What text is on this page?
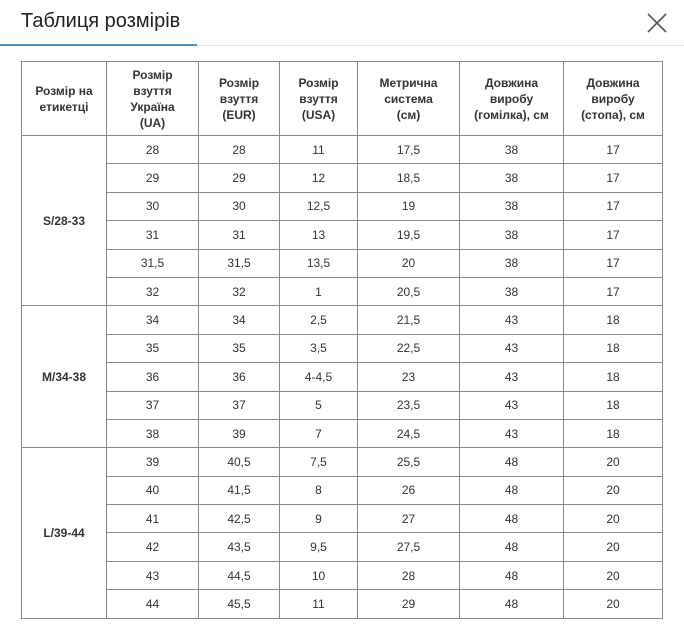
Таблиця розмірів
Розмір на
етикетці	Розмір
взуття
Україна
(UA)	Розмір
взуття
(EUR)	Розмір
взуття
(USA)	Метрична
система
(см)	Довжина
виробу
(гомілка), см	Довжина
виробу
(стопа), см
S/28-33	28	28	11	17,5	38	17
	29	29	12	18,5	38	17
	30	30	12,5	19	38	17
	31	31	13	19,5	38	17
	31,5	31,5	13,5	20	38	17
	32	32	1	20,5	38	17
M/34-38	34	34	2,5	21,5	43	18
	35	35	3,5	22,5	43	18
	36	36	4-4,5	23	43	18
	37	37	5	23,5	43	18
	38	39	7	24,5	43	18
L/39-44	39	40,5	7,5	25,5	48	20
	40	41,5	8	26	48	20
	41	42,5	9	27	48	20
	42	43,5	9,5	27,5	48	20
	43	44,5	10	28	48	20
	44	45,5	11	29	48	20
